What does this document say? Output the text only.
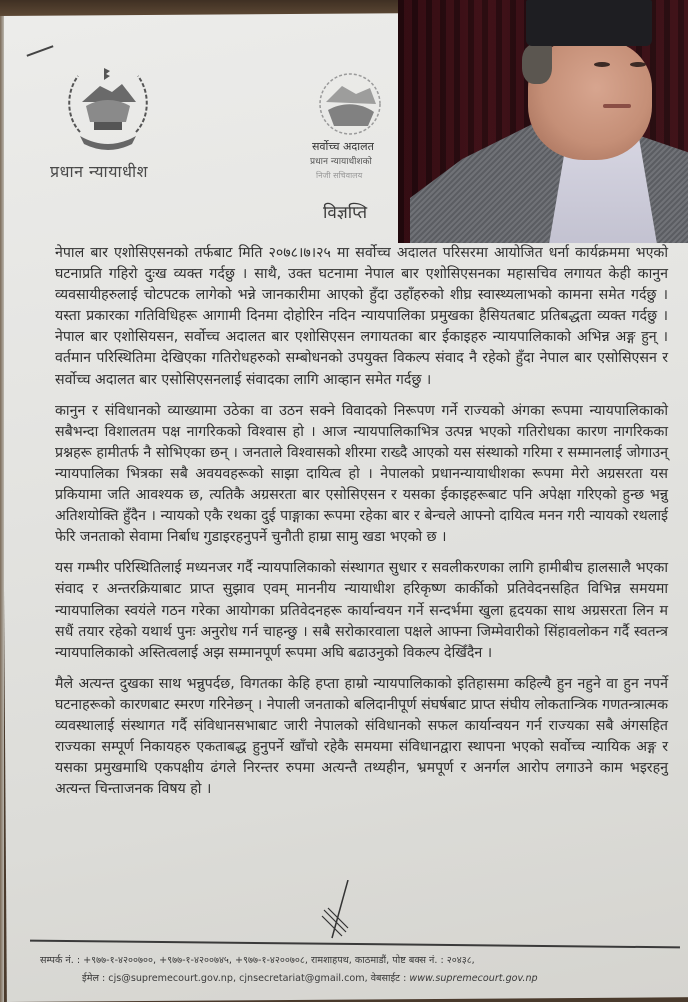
सर्वोच्च अदालत
प्रधान न्यायाधीशको
निजी सचिवालय
प्रधान न्यायाधीश
विज्ञप्ति

नेपाल बार एशोसिएसनको तर्फबाट मिति २०७८।७।२५ मा सर्वोच्च अदालत परिसरमा आयोजित धर्ना कार्यक्रममा भएको घटनाप्रति गहिरो दुःख व्यक्त गर्दछु । साथै, उक्त घटनामा नेपाल बार एशोसिएसनका महासचिव लगायत केही कानुन व्यवसायीहरुलाई चोटपटक लागेको भन्ने जानकारीमा आएको हुँदा उहाँहरुको शीघ्र स्वास्थ्यलाभको कामना समेत गर्दछु । यस्ता प्रकारका गतिविधिहरू आगामी दिनमा दोहोरिन नदिन न्यायपालिका प्रमुखका हैसियतबाट प्रतिबद्धता व्यक्त गर्दछु । नेपाल बार एशोसियसन, सर्वोच्च अदालत बार एशोसिएसन लगायतका बार ईकाइहरु न्यायपालिकाको अभिन्न अङ्ग हुन् । वर्तमान परिस्थितिमा देखिएका गतिरोधहरुको सम्बोधनको उपयुक्त विकल्प संवाद नै रहेको हुँदा नेपाल बार एसोसिएसन र सर्वोच्च अदालत बार एसोसिएसनलाई संवादका लागि आव्हान समेत गर्दछु ।

कानुन र संविधानको व्याख्यामा उठेका वा उठन सक्ने विवादको निरूपण गर्ने राज्यको अंगका रूपमा न्यायपालिकाको सबैभन्दा विशालतम पक्ष नागरिकको विश्वास हो । आज न्यायपालिकाभित्र उत्पन्न भएको गतिरोधका कारण नागरिकका प्रश्नहरू हामीतर्फ नै सोभिएका छन् । जनताले विश्वासको शीरमा राख्दै आएको यस संस्थाको गरिमा र सम्मानलाई जोगाउन् न्यायपालिका भित्रका सबै अवयवहरूको साझा दायित्व हो । नेपालको प्रधानन्यायाधीशका रूपमा मेरो अग्रसरता यस प्रकियामा जति आवश्यक छ, त्यतिकै अग्रसरता बार एसोसिएसन र यसका ईकाइहरूबाट पनि अपेक्षा गरिएको हुन्छ भन्नु अतिशयोक्ति हुँदैन । न्यायको एकै रथका दुई पाङ्गाका रूपमा रहेका बार र बेन्चले आफ्नो दायित्व मनन गरी न्यायको रथलाई फेरि जनताको सेवामा निर्बाध गुडाइरहनुपर्ने चुनौती हाम्रा सामु खडा भएको छ ।

यस गम्भीर परिस्थितिलाई मध्यनजर गर्दै न्यायपालिकाको संस्थागत सुधार र सवलीकरणका लागि हामीबीच हालसालै भएका संवाद र अन्तरक्रियाबाट प्राप्त सुझाव एवम् माननीय न्यायाधीश हरिकृष्ण कार्कीको प्रतिवेदनसहित विभिन्न समयमा न्यायपालिका स्वयंले गठन गरेका आयोगका प्रतिवेदनहरू कार्यान्वयन गर्ने सन्दर्भमा खुला हृदयका साथ अग्रसरता लिन म सधैं तयार रहेको यथार्थ पुनः अनुरोध गर्न चाहन्छु । सबै सरोकारवाला पक्षले आफ्ना जिम्मेवारीको सिंहावलोकन गर्दै स्वतन्त्र न्यायपालिकाको अस्तित्वलाई अझ सम्मानपूर्ण रूपमा अघि बढाउनुको विकल्प देखिँदैन ।

मैले अत्यन्त दुखका साथ भन्नुपर्दछ, विगतका केहि हप्ता हाम्रो न्यायपालिकाको इतिहासमा कहिल्यै हुन नहुने वा हुन नपर्ने घटनाहरूको कारणबाट स्मरण गरिनेछन् । नेपाली जनताको बलिदानीपूर्ण संघर्षबाट प्राप्त संघीय लोकतान्त्रिक गणतन्त्रात्मक व्यवस्थालाई संस्थागत गर्दै संविधानसभाबाट जारी नेपालको संविधानको सफल कार्यान्वयन गर्न राज्यका सबै अंगसहित राज्यका सम्पूर्ण निकायहरु एकताबद्ध हुनुपर्ने खाँचो रहेकै समयमा संविधानद्वारा स्थापना भएको सर्वोच्च न्यायिक अङ्ग र यसका प्रमुखमाथि एकपक्षीय ढंगले निरन्तर रुपमा अत्यन्तै तथ्यहीन, भ्रमपूर्ण र अनर्गल आरोप लगाउने काम भइरहनु अत्यन्त चिन्ताजनक विषय हो ।

सम्पर्क नं. : +९७७-१-४२००७००, +९७७-१-४२००७४५, +९७७-१-४२००७०८, रामशाहपथ, काठमाडौं, पोष्ट बक्स नं. : २०४३८,
ईमेल : cjs@supremecourt.gov.np, cjnsecretariat@gmail.com, वेबसाईट : www.supremecourt.gov.np
